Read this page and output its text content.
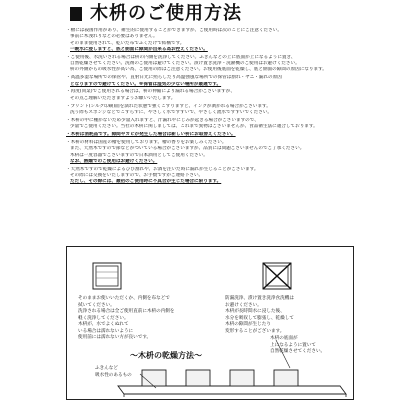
木枡のご使用方法
・檜には殺菌作用があり、衛生的に使用することができますが、ご使用時は次のことにご注意ください。
事前に木洩れりなどの必要はありません。
そのまま使用されて、乾いた布でふくだけで結構です。
一晩水に浸しますと、底と側面に隙間が出来る為お控えください。
・ご使用後、水洗いされる場合は枡の内側を洗浄してください。ふきんなどの上に底面が上になるように置き、
自然乾燥させてください。洗剤のご使用は避けてください。漬け置き洗浄・洗濯機のご使用はお避けください。
枡の外側からの吸水性が高い為、ご使用の際はご注意ください。お使用後底面を乾燥し、底と側面の隙間の原因になります。
・高温多湿な場所での保管や、直射日光に照らしたり高温強風な場所での保管は割れ・ヤニ・漏れの原因
となりますので避けてください。※保管は湿気の少ない場所が最適です。
・再度(同業)でご使用される場合は、枡の伸縮により漏れる場合がございますが、
その点ご理解いただきますようお願いいたします。
・プリント(シルク印刷)面を濡れた状態で強くこすりますと、インクが剥がれる場合がございます。
洗う際もスポンジなどでこすらずに、やさしく水ですすいで、やさしく流水ですすいでください。
・木枡の中に棚がないため少量入れますと、汁漏れやにじみが起きる場合がございますので、
少量でご使用ください。当社の木枡に関しましては、これまで異物はございませんが、食品衛生法に適合しております。
・木枡は消耗品です。隙間やカビが発生した場合は新しい枡にお取替えください。
・木枡の材料は国産の檜を使用しております。檜の香りをお楽しみください。
また、天然木ですので節などがついている場合がございますが、品質には問題ございませんのでご了承ください。
木枡は一度容器でございますので日本酒用としてご使用ください。
なお、熱燗でのご使用はお避けください。
・天然木ですので乾燥によるひび割れや、お酒を注いだ時に漏れが生じることがございます。
その際には交換をいたしますので、お手数ですがご連絡下さい。
ただし、その際には、最初のご使用時に不具合が生じた場合に限ります。
そのままお使いいただくか、内側を布などで
拭いてください。
洗浄される場合は全ご使用直前に木枡の内側を
軽く洗浄してください。
木枡が、水でよくぬれて
いる場合は濡れないように
使用前には濡れない方が良いです。
防漏洗浄、漬け置き洗浄食洗機は
お避けください。
木枡が長時間水に浸した後、
水分を吸収して膨張し、乾燥して
木枡の隙間が生じたり
変形することがございます。
〜木枡の乾燥方法〜
ふきんなど
吸水性のあるもの
木枡の底面が
上になるように置いて
自然乾燥させてください。
